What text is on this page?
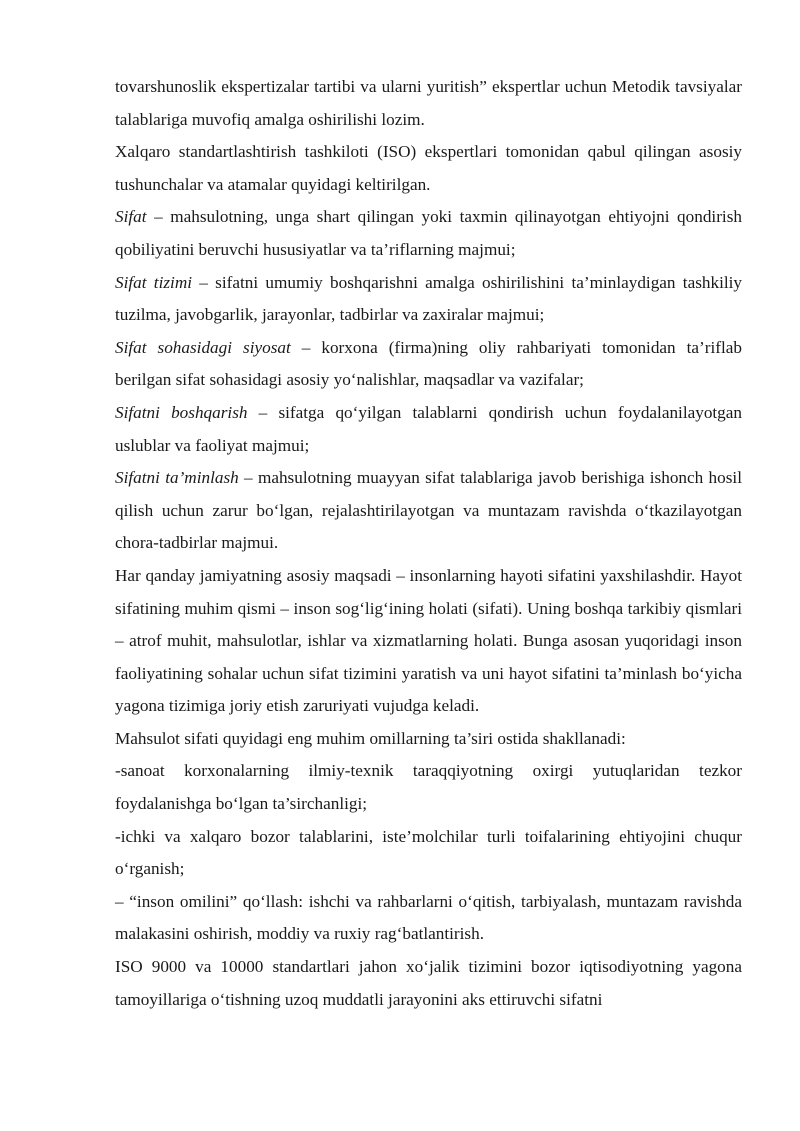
tovarshunoslik ekspertizalar tartibi va ularni yuritish” ekspertlar uchun Metodik tavsiyalar talablariga muvofiq amalga oshirilishi lozim.

Xalqaro standartlashtirish tashkiloti (ISO) ekspertlari tomonidan qabul qilingan asosiy tushunchalar va atamalar quyidagi keltirilgan.

Sifat – mahsulotning, unga shart qilingan yoki taxmin qilinayotgan ehtiyojni qondirish qobiliyatini beruvchi hususiyatlar va ta’riflarning majmui;

Sifat tizimi – sifatni umumiy boshqarishni amalga oshirilishini ta’minlaydigan tashkiliy tuzilma, javobgarlik, jarayonlar, tadbirlar va zaxiralar majmui;

Sifat sohasidagi siyosat – korxona (firma)ning oliy rahbariyati tomonidan ta’riflab berilgan sifat sohasidagi asosiy yo‘nalishlar, maqsadlar va vazifalar;

Sifatni boshqarish – sifatga qo‘yilgan talablarni qondirish uchun foydalanilayotgan uslublar va faoliyat majmui;

Sifatni ta’minlash – mahsulotning muayyan sifat talablariga javob berishiga ishonch hosil qilish uchun zarur bo‘lgan, rejalashtirilayotgan va muntazam ravishda o‘tkazilayotgan chora-tadbirlar majmui.

Har qanday jamiyatning asosiy maqsadi – insonlarning hayoti sifatini yaxshilashdir. Hayot sifatining muhim qismi – inson sog‘lig‘ining holati (sifati). Uning boshqa tarkibiy qismlari – atrof muhit, mahsulotlar, ishlar va xizmatlarning holati. Bunga asosan yuqoridagi inson faoliyatining sohalar uchun sifat tizimini yaratish va uni hayot sifatini ta’minlash bo‘yicha yagona tizimiga joriy etish zaruriyati vujudga keladi.

Mahsulot sifati quyidagi eng muhim omillarning ta’siri ostida shakllanadi:

-sanoat korxonalarning ilmiy-texnik taraqqiyotning oxirgi yutuqlaridan tezkor foydalanishga bo‘lgan ta’sirchanligi;

-ichki va xalqaro bozor talablarini, iste’molchilar turli toifalarining ehtiyojini chuqur o‘rganish;

– “inson omilini” qo‘llash: ishchi va rahbarlarni o‘qitish, tarbiyalash, muntazam ravishda malakasini oshirish, moddiy va ruxiy rag‘batlantirish.

ISO 9000 va 10000 standartlari jahon xo‘jalik tizimini bozor iqtisodiyotning yagona tamoyillariga o‘tishning uzoq muddatli jarayonini aks ettiruvchi sifatni
